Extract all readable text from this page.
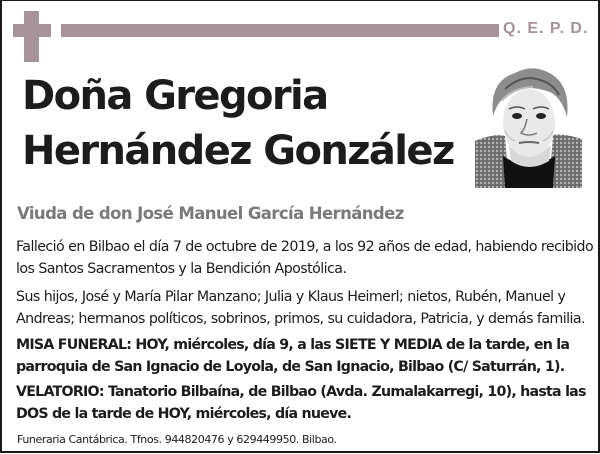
Q. E. P. D.
Doña Gregoria
Hernández González
Viuda de don José Manuel García Hernández

Falleció en Bilbao el día 7 de octubre de 2019, a los 92 años de edad, habiendo recibido los Santos Sacramentos y la Bendición Apostólica.

Sus hijos, José y María Pilar Manzano; Julia y Klaus Heimerl; nietos, Rubén, Manuel y Andreas; hermanos políticos, sobrinos, primos, su cuidadora, Patricia, y demás familia.

MISA FUNERAL: HOY, miércoles, día 9, a las SIETE Y MEDIA de la tarde, en la parroquia de San Ignacio de Loyola, de San Ignacio, Bilbao (C/ Saturrán, 1).

VELATORIO: Tanatorio Bilbaína, de Bilbao (Avda. Zumalakarregi, 10), hasta las DOS de la tarde de HOY, miércoles, día nueve.

Funeraria Cantábrica. Tfnos. 944820476 y 629449950. Bilbao.
